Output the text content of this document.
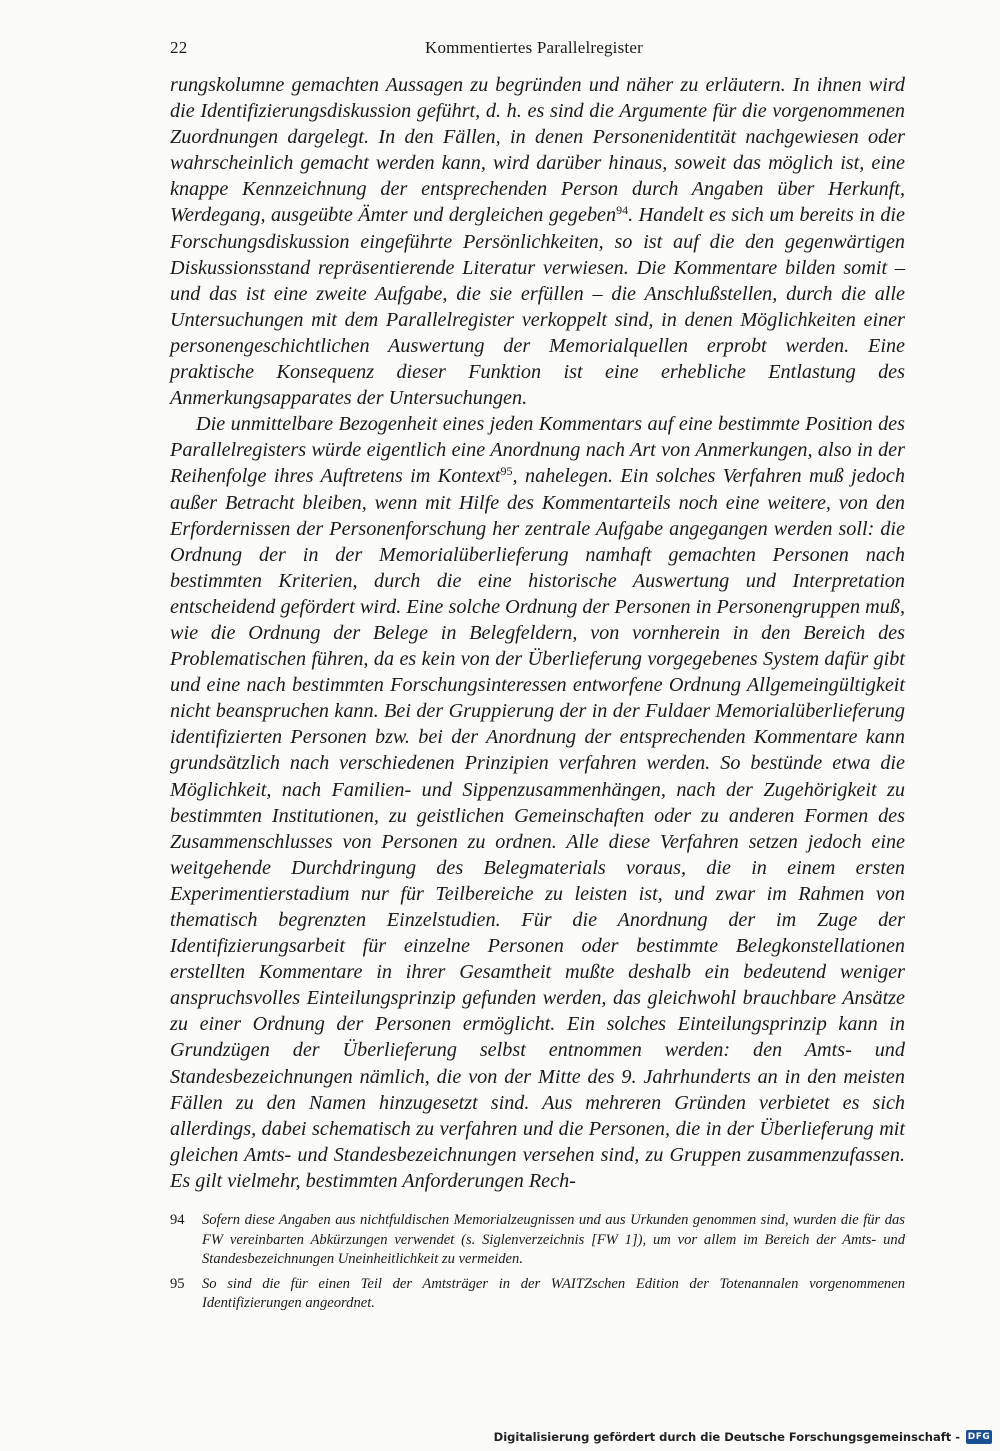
22	Kommentiertes Parallelregister

rungskolumne gemachten Aussagen zu begründen und näher zu erläutern. In ihnen wird die Identifizierungsdiskussion geführt, d. h. es sind die Argumente für die vorgenommenen Zuordnungen dargelegt. In den Fällen, in denen Personenidentität nachgewiesen oder wahrscheinlich gemacht werden kann, wird darüber hinaus, soweit das möglich ist, eine knappe Kennzeichnung der entsprechenden Person durch Angaben über Herkunft, Werdegang, ausgeübte Ämter und dergleichen gegeben$^{94}$. Handelt es sich um bereits in die Forschungsdiskussion eingeführte Persönlichkeiten, so ist auf die den gegenwärtigen Diskussionsstand repräsentierende Literatur verwiesen. Die Kommentare bilden somit – und das ist eine zweite Aufgabe, die sie erfüllen – die Anschlußstellen, durch die alle Untersuchungen mit dem Parallelregister verkoppelt sind, in denen Möglichkeiten einer personengeschichtlichen Auswertung der Memorialquellen erprobt werden. Eine praktische Konsequenz dieser Funktion ist eine erhebliche Entlastung des Anmerkungsapparates der Untersuchungen.

Die unmittelbare Bezogenheit eines jeden Kommentars auf eine bestimmte Position des Parallelregisters würde eigentlich eine Anordnung nach Art von Anmerkungen, also in der Reihenfolge ihres Auftretens im Kontext$^{95}$, nahelegen. Ein solches Verfahren muß jedoch außer Betracht bleiben, wenn mit Hilfe des Kommentarteils noch eine weitere, von den Erfordernissen der Personenforschung her zentrale Aufgabe angegangen werden soll: die Ordnung der in der Memorialüberlieferung namhaft gemachten Personen nach bestimmten Kriterien, durch die eine historische Auswertung und Interpretation entscheidend gefördert wird. Eine solche Ordnung der Personen in Personengruppen muß, wie die Ordnung der Belege in Belegfeldern, von vornherein in den Bereich des Problematischen führen, da es kein von der Überlieferung vorgegebenes System dafür gibt und eine nach bestimmten Forschungsinteressen entworfene Ordnung Allgemeingültigkeit nicht beanspruchen kann. Bei der Gruppierung der in der Fuldaer Memorialüberlieferung identifizierten Personen bzw. bei der Anordnung der entsprechenden Kommentare kann grundsätzlich nach verschiedenen Prinzipien verfahren werden. So bestünde etwa die Möglichkeit, nach Familien- und Sippenzusammenhängen, nach der Zugehörigkeit zu bestimmten Institutionen, zu geistlichen Gemeinschaften oder zu anderen Formen des Zusammenschlusses von Personen zu ordnen. Alle diese Verfahren setzen jedoch eine weitgehende Durchdringung des Belegmaterials voraus, die in einem ersten Experimentierstadium nur für Teilbereiche zu leisten ist, und zwar im Rahmen von thematisch begrenzten Einzelstudien. Für die Anordnung der im Zuge der Identifizierungsarbeit für einzelne Personen oder bestimmte Belegkonstellationen erstellten Kommentare in ihrer Gesamtheit mußte deshalb ein bedeutend weniger anspruchsvolles Einteilungsprinzip gefunden werden, das gleichwohl brauchbare Ansätze zu einer Ordnung der Personen ermöglicht. Ein solches Einteilungsprinzip kann in Grundzügen der Überlieferung selbst entnommen werden: den Amts- und Standesbezeichnungen nämlich, die von der Mitte des 9. Jahrhunderts an in den meisten Fällen zu den Namen hinzugesetzt sind. Aus mehreren Gründen verbietet es sich allerdings, dabei schematisch zu verfahren und die Personen, die in der Überlieferung mit gleichen Amts- und Standesbezeichnungen versehen sind, zu Gruppen zusammenzufassen. Es gilt vielmehr, bestimmten Anforderungen Rech-

94 Sofern diese Angaben aus nichtfuldischen Memorialzeugnissen und aus Urkunden genommen sind, wurden die für das FW vereinbarten Abkürzungen verwendet (s. Siglenverzeichnis [FW 1]), um vor allem im Bereich der Amts- und Standesbezeichnungen Uneinheitlichkeit zu vermeiden.
95 So sind die für einen Teil der Amtsträger in der WAITZschen Edition der Totenannalen vorgenommenen Identifizierungen angeordnet.
Digitalisierung gefördert durch die Deutsche Forschungsgemeinschaft - DFG
